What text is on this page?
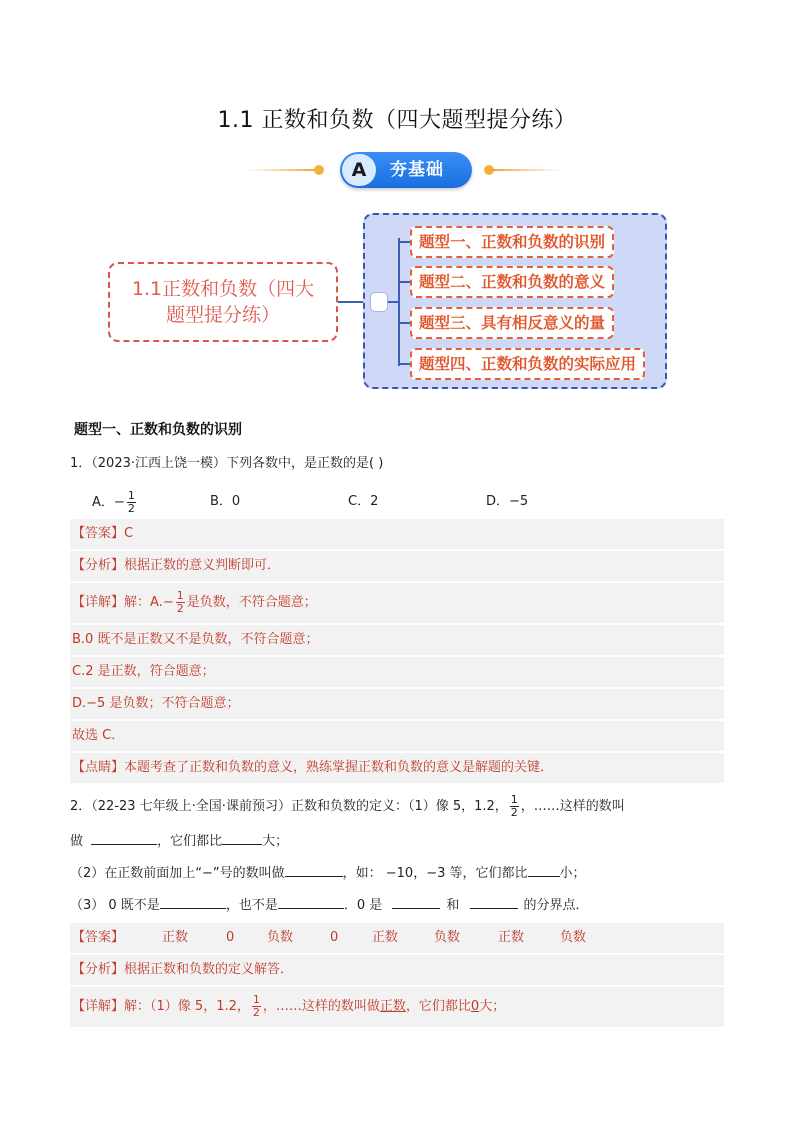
1.1 正数和负数（四大题型提分练）
A	夯基础
1.1正数和负数（四大
题型提分练）
题型一、正数和负数的识别
题型二、正数和负数的意义
题型三、具有相反意义的量
题型四、正数和负数的实际应用
题型一、正数和负数的识别
1．（2023·江西上饶一模）下列各数中，是正数的是( )
A．− $\frac{1}{2}$	B．0	C．2	D．−5
【答案】C
【分析】根据正数的意义判断即可．
【详解】解：$A.- \frac{1}{2}$ 是负数，不符合题意；
B.0 既不是正数又不是负数，不符合题意；
C.2 是正数，符合题意；
D.−5 是负数；不符合题意；
故选 C．
【点睛】本题考查了正数和负数的意义，熟练掌握正数和负数的意义是解题的关键．
2．（22-23 七年级上·全国·课前预习）正数和负数的定义：（1）像 5，1.2， $\frac{1}{2}$ ，……这样的数叫
做	，它们都比	大；
（2）在正数前面加上“−”号的数叫做	，如： −10，−3 等，它们都比 小；
（3） 0 既不是	，也不是	．0 是	和	的分界点．
【答案】	正数	0	负数	0	正数	负数	正数	负数
【分析】根据正数和负数的定义解答．
【详解】解：（1）像 5，1.2， $\frac{1}{2}$ ，……这样的数叫做正数，它们都比0大；
